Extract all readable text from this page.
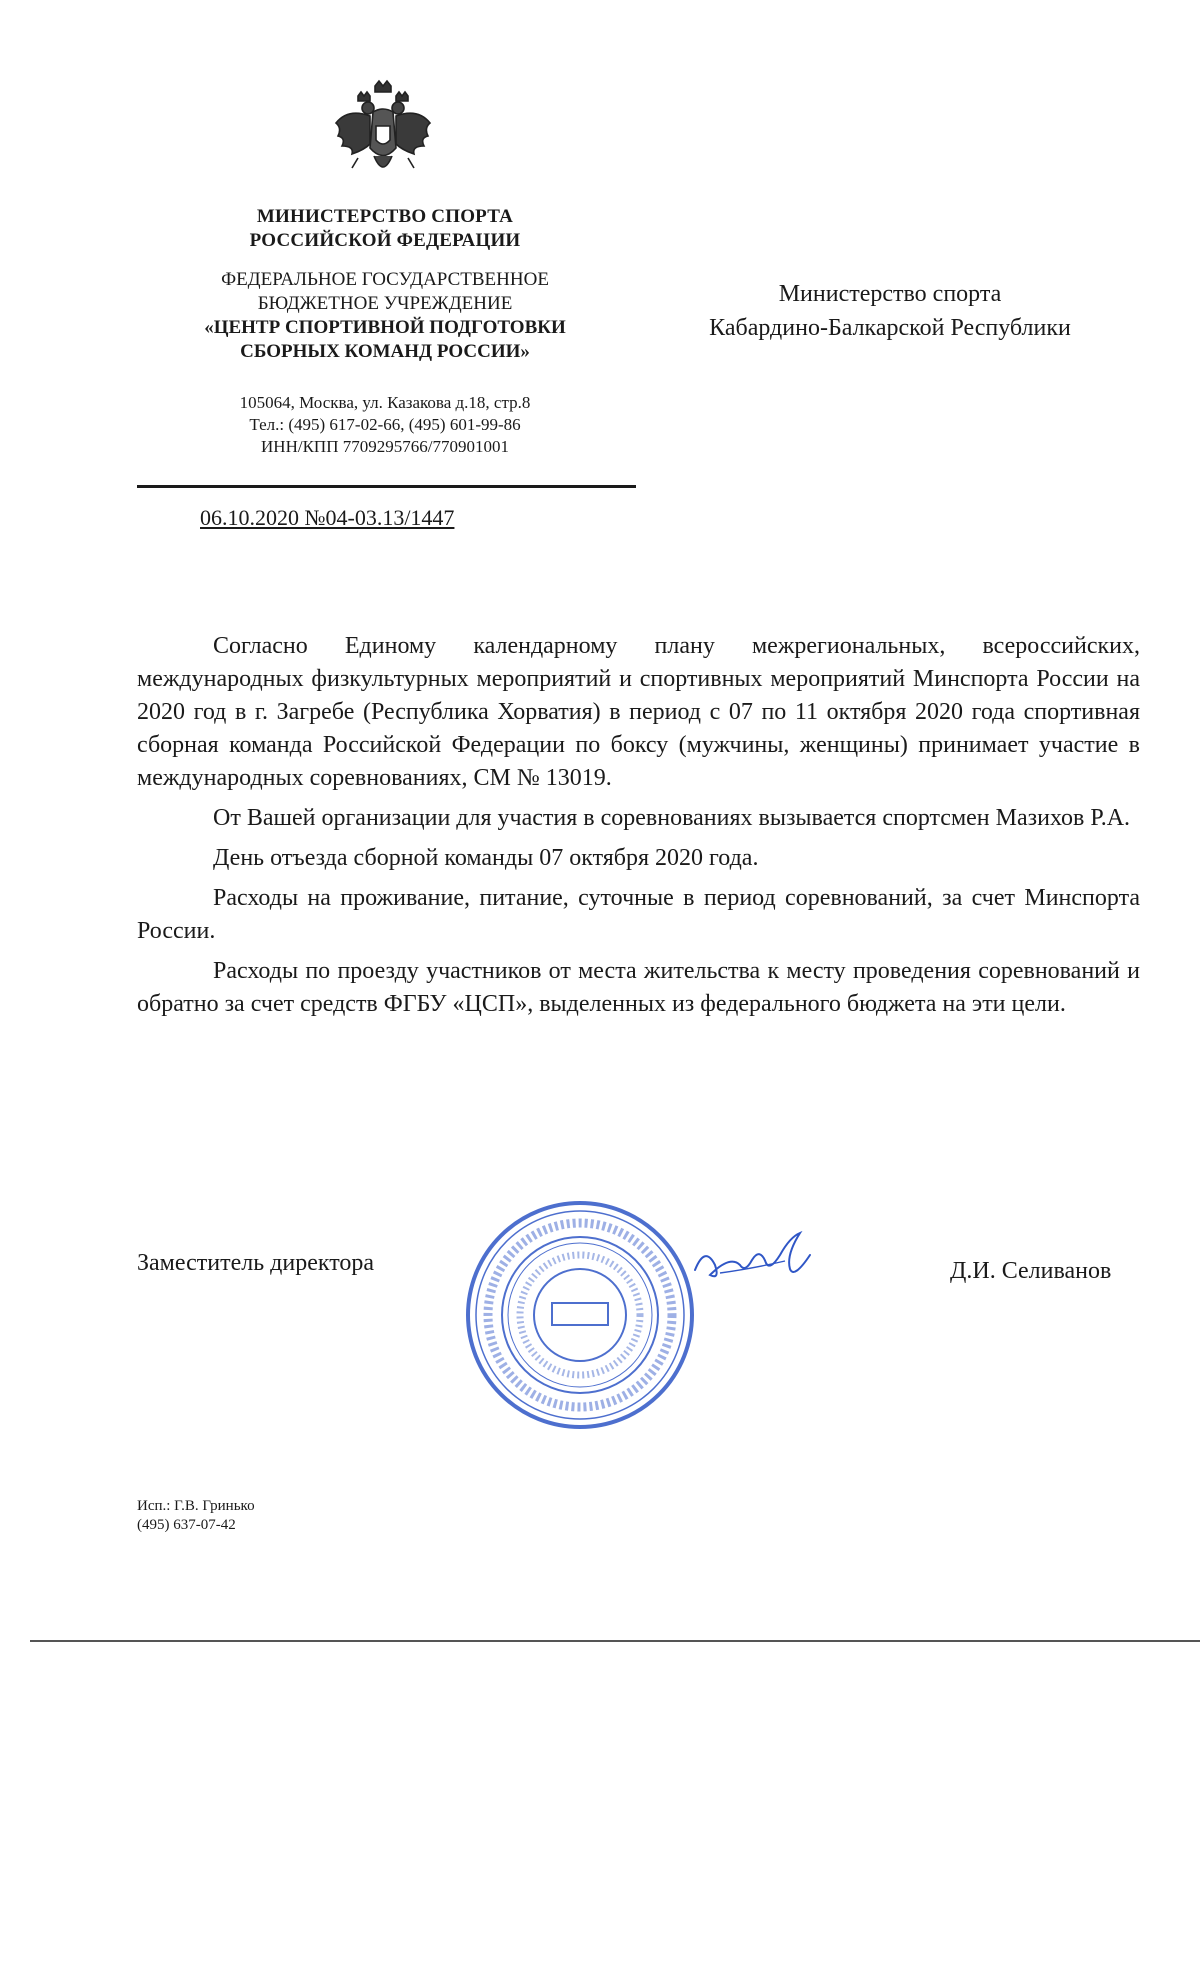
МИНИСТЕРСТВО СПОРТА
РОССИЙСКОЙ ФЕДЕРАЦИИ
ФЕДЕРАЛЬНОЕ ГОСУДАРСТВЕННОЕ
БЮДЖЕТНОЕ УЧРЕЖДЕНИЕ
«ЦЕНТР СПОРТИВНОЙ ПОДГОТОВКИ
СБОРНЫХ КОМАНД РОССИИ»
105064, Москва, ул. Казакова д.18, стр.8
Тел.: (495) 617-02-66, (495) 601-99-86
ИНН/КПП 7709295766/770901001
06.10.2020 №04-03.13/1447
Министерство спорта
Кабардино-Балкарской Республики

Согласно Единому календарному плану межрегиональных, всероссийских, международных физкультурных мероприятий и спортивных мероприятий Минспорта России на 2020 год в г. Загребе (Республика Хорватия) в период с 07 по 11 октября 2020 года спортивная сборная команда Российской Федерации по боксу (мужчины, женщины) принимает участие в международных соревнованиях, СМ № 13019.

От Вашей организации для участия в соревнованиях вызывается спортсмен Мазихов Р.А.

День отъезда сборной команды 07 октября 2020 года.

Расходы на проживание, питание, суточные в период соревнований, за счет Минспорта России.

Расходы по проезду участников от места жительства к месту проведения соревнований и обратно за счет средств ФГБУ «ЦСП», выделенных из федерального бюджета на эти цели.

Заместитель директора	Д.И. Селиванов
Исп.: Г.В. Гринько
(495) 637-07-42
